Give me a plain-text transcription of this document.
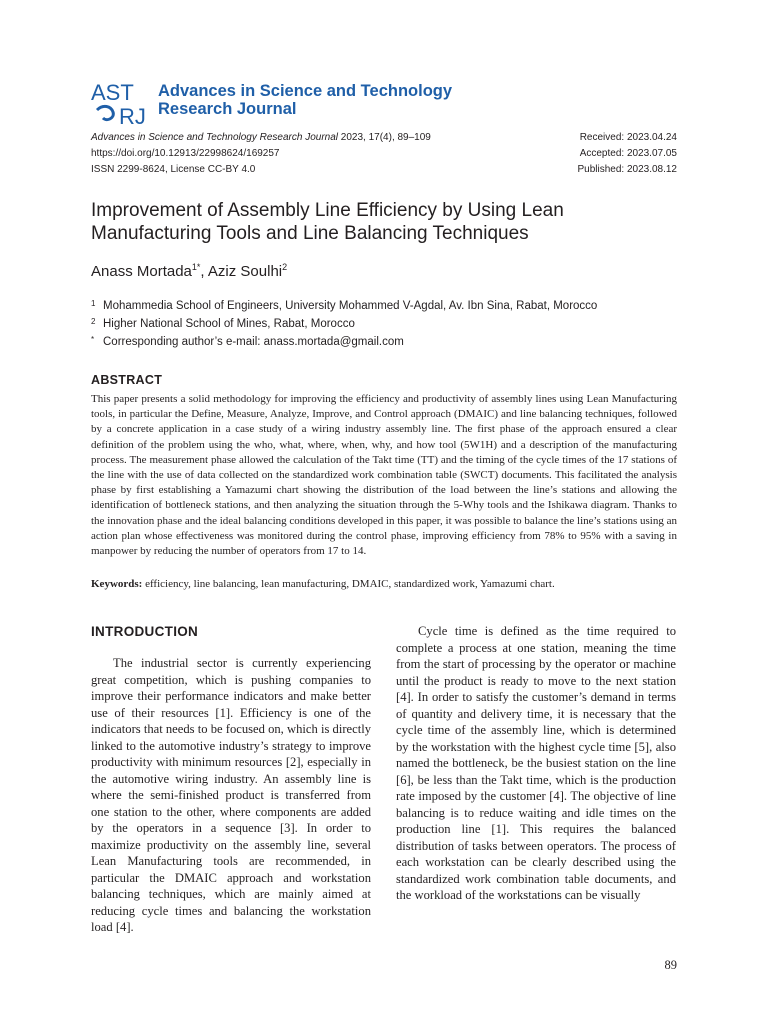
AST
RJ
Advances in Science and Technology
Research Journal
Advances in Science and Technology Research Journal 2023, 17(4), 89–109
https://doi.org/10.12913/22998624/169257
ISSN 2299-8624, License CC-BY 4.0
Received: 2023.04.24
Accepted: 2023.07.05
Published: 2023.08.12
Improvement of Assembly Line Efficiency by Using Lean
Manufacturing Tools and Line Balancing Techniques
Anass Mortada$^{1*}$, Aziz Soulhi$^2$
1 Mohammedia School of Engineers, University Mohammed V-Agdal, Av. Ibn Sina, Rabat, Morocco
2 Higher National School of Mines, Rabat, Morocco
* Corresponding author’s e-mail: anass.mortada@gmail.com
ABSTRACT
This paper presents a solid methodology for improving the efficiency and productivity of assembly lines using Lean Manufacturing tools, in particular the Define, Measure, Analyze, Improve, and Control approach (DMAIC) and line balancing techniques, followed by a concrete application in a case study of a wiring industry assembly line. The first phase of the approach ensured a clear definition of the problem using the who, what, where, when, why, and how tool (5W1H) and a description of the manufacturing process. The measurement phase allowed the calculation of the Takt time (TT) and the timing of the cycle times of the 17 stations of the line with the use of data collected on the standardized work combination table (SWCT) documents. This facilitated the analysis phase by first establishing a Yamazumi chart showing the distribution of the load between the line’s stations and allowing the identification of bottleneck stations, and then analyzing the situation through the 5-Why tools and the Ishikawa diagram. Thanks to the innovation phase and the ideal balancing conditions developed in this paper, it was possible to balance the line’s stations using an action plan whose effectiveness was monitored during the control phase, improving efficiency from 78% to 95% with a saving in manpower by reducing the number of operators from 17 to 14.
Keywords: efficiency, line balancing, lean manufacturing, DMAIC, standardized work, Yamazumi chart.
INTRODUCTION

The industrial sector is currently experiencing great competition, which is pushing companies to improve their performance indicators and make better use of their resources [1]. Efficiency is one of the indicators that needs to be focused on, which is directly linked to the automotive industry’s strategy to improve productivity with minimum resources [2], especially in the automotive wiring industry. An assembly line is where the semi-finished product is transferred from one station to the other, where components are added by the operators in a sequence [3]. In order to maximize productivity on the assembly line, several Lean Manufacturing tools are recommended, in particular the DMAIC approach and workstation balancing techniques, which are mainly aimed at reducing cycle times and balancing the workstation load [4].

Cycle time is defined as the time required to complete a process at one station, meaning the time from the start of processing by the operator or machine until the product is ready to move to the next station [4]. In order to satisfy the customer’s demand in terms of quantity and delivery time, it is necessary that the cycle time of the assembly line, which is determined by the workstation with the highest cycle time [5], also named the bottleneck, be the busiest station on the line [6], be less than the Takt time, which is the production rate imposed by the customer [4]. The objective of line balancing is to reduce waiting and idle times on the production line [1]. This requires the balanced distribution of tasks between operators. The process of each workstation can be clearly described using the standardized work combination table documents, and the workload of the workstations can be visually

89
